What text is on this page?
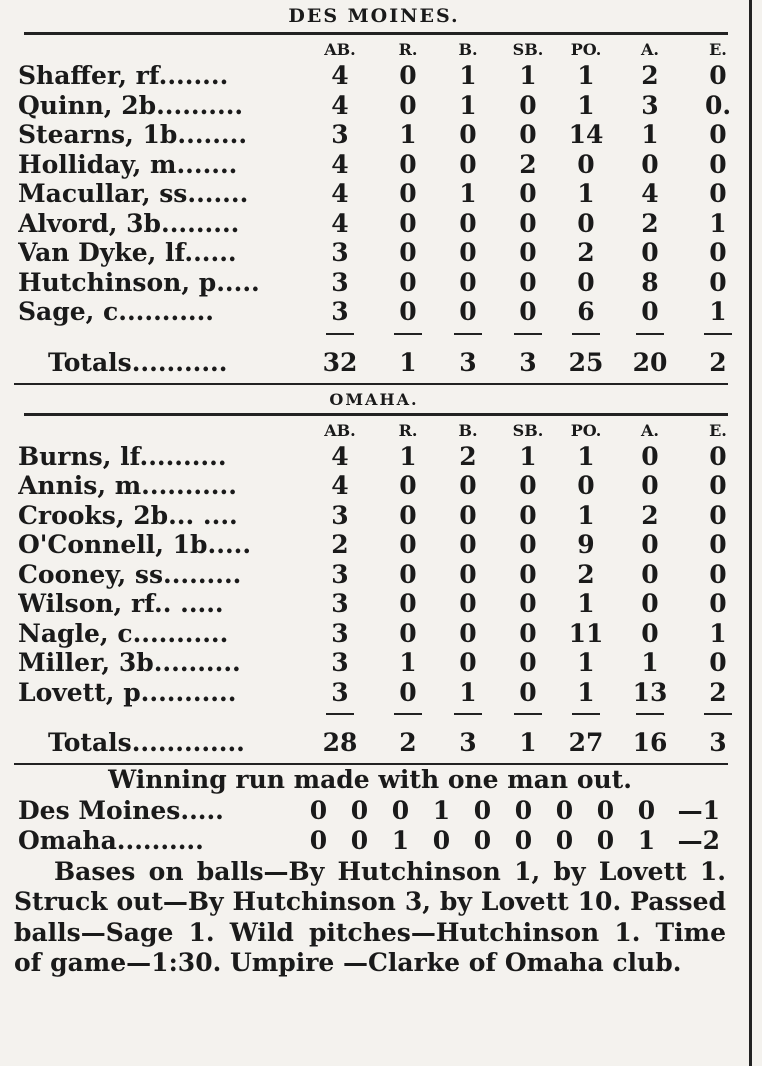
DES MOINES.
AB.	R.	B.	SB.	PO.	A.	E.
Shaffer, rf........	4	0	1	1	1	2	0
Quinn, 2b..........	4	0	1	0	1	3	0.
Stearns, 1b........	3	1	0	0	14	1	0
Holliday, m.......	4	0	0	2	0	0	0
Macullar, ss.......	4	0	1	0	1	4	0
Alvord, 3b.........	4	0	0	0	0	2	1
Van Dyke, lf......	3	0	0	0	2	0	0
Hutchinson, p.....	3	0	0	0	0	8	0
Sage, c...........	3	0	0	0	6	0	1
Totals...........	32	1	3	3	25 20	2
OMAHA.
AB.	R.	B.	SB.	PO.	A.	E.
Burns, lf..........	4	1	2	1	1	0	0
Annis, m...........	4	0	0	0	0	0	0
Crooks, 2b... ....	3	0	0	0	1	2	0
O'Connell, 1b.....	2	0	0	0	9	0	0
Cooney, ss.........	3	0	0	0	2	0	0
Wilson, rf.. .....	3	0	0	0	1	0	0
Nagle, c...........	3	0	0	0	11	0	1
Miller, 3b..........	3	1	0	0	1	1	0
Lovett, p...........	3	0	1	0	1	13	2
Totals.............	28	2	3	1	27 16	3
Winning run made with one man out.
Des Moines.....	0 0 0 1 0 0 0 0 0 —1
Omaha..........	0 0 1 0 0 0 0 0 1 —2
Bases on balls—By Hutchinson 1, by Lovett 1. Struck out—By Hutchinson 3, by Lovett 10. Passed balls—Sage 1. Wild pitches—Hutchinson 1. Time of game—1:30. Umpire —Clarke of Omaha club.
